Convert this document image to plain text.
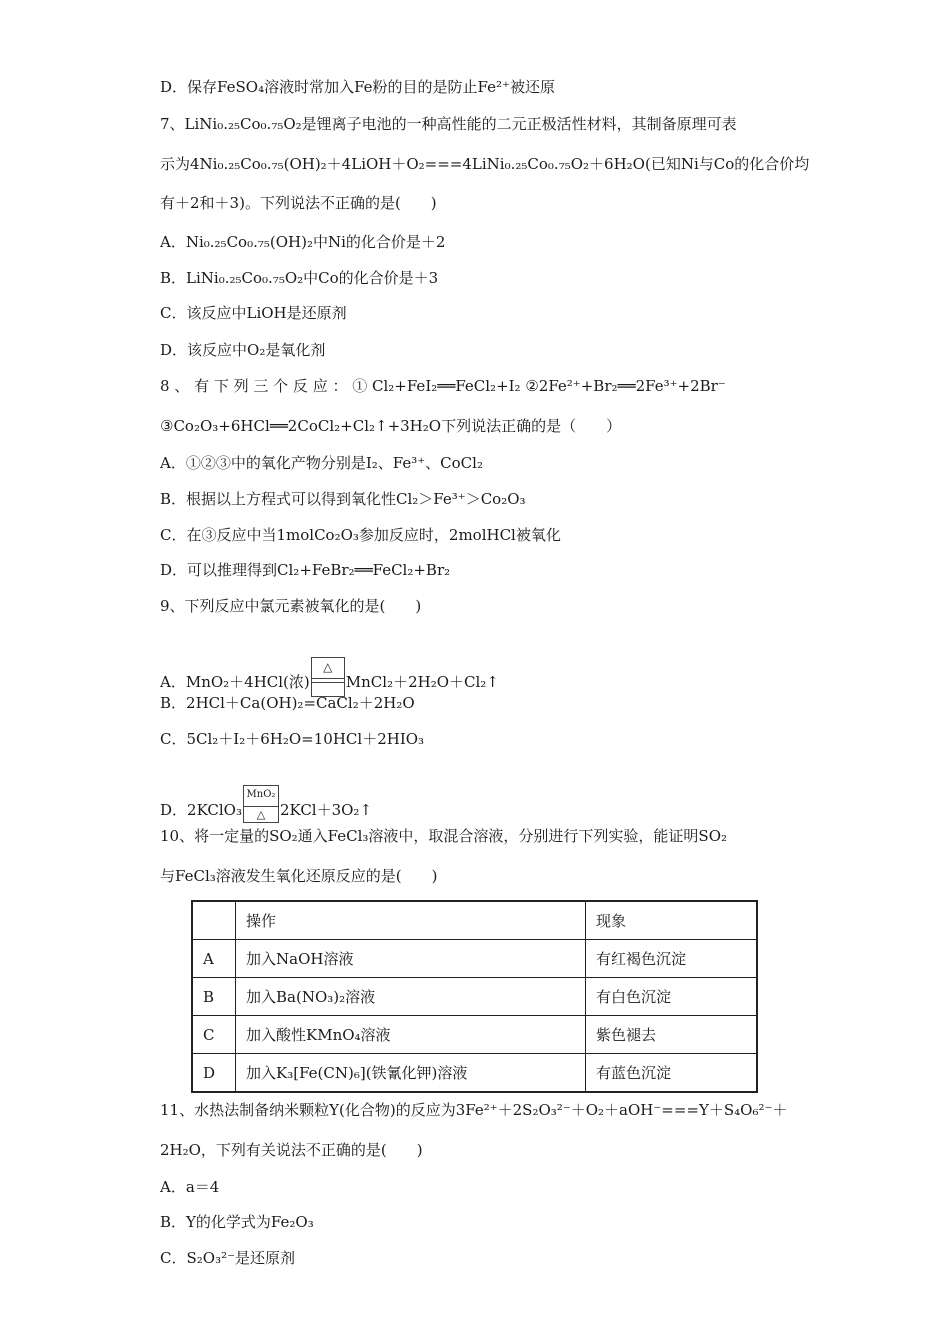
D．保存FeSO₄溶液时常加入Fe粉的目的是防止Fe²⁺被还原
7、LiNi₀.₂₅Co₀.₇₅O₂是锂离子电池的一种高性能的二元正极活性材料，其制备原理可表
示为4Ni₀.₂₅Co₀.₇₅(OH)₂＋4LiOH＋O₂===4LiNi₀.₂₅Co₀.₇₅O₂＋6H₂O(已知Ni与Co的化合价均
有＋2和＋3)。下列说法不正确的是(　　)
A．Ni₀.₂₅Co₀.₇₅(OH)₂中Ni的化合价是＋2
B．LiNi₀.₂₅Co₀.₇₅O₂中Co的化合价是＋3
C．该反应中LiOH是还原剂
D．该反应中O₂是氧化剂
8 、 有 下 列 三 个 反 应 ： ① Cl₂+FeI₂══FeCl₂+I₂ ②2Fe²⁺+Br₂══2Fe³⁺+2Br⁻
③Co₂O₃+6HCl══2CoCl₂+Cl₂↑+3H₂O下列说法正确的是（　　）
A．①②③中的氧化产物分别是I₂、Fe³⁺、CoCl₂
B．根据以上方程式可以得到氧化性Cl₂＞Fe³⁺＞Co₂O₃
C．在③反应中当1molCo₂O₃参加反应时，2molHCl被氧化
D．可以推理得到Cl₂+FeBr₂══FeCl₂+Br₂
9、下列反应中氯元素被氧化的是(　　)
A．MnO₂＋4HCl(浓)
△
MnCl₂＋2H₂O＋Cl₂↑
B．2HCl＋Ca(OH)₂=CaCl₂＋2H₂O
C．5Cl₂＋I₂＋6H₂O=10HCl＋2HIO₃
D．2KClO₃
MnO₂
△ 2KCl＋3O₂↑
10、将一定量的SO₂通入FeCl₃溶液中，取混合溶液，分别进行下列实验，能证明SO₂
与FeCl₃溶液发生氧化还原反应的是(　　)
	操作	现象
A	加入NaOH溶液	有红褐色沉淀
B	加入Ba(NO₃)₂溶液	有白色沉淀
C	加入酸性KMnO₄溶液	紫色褪去
D	加入K₃[Fe(CN)₆](铁氰化钾)溶液	有蓝色沉淀
11、水热法制备纳米颗粒Y(化合物)的反应为3Fe²⁺＋2S₂O₃²⁻＋O₂＋aOH⁻===Y＋S₄O₆²⁻＋
2H₂O，下列有关说法不正确的是(　　)
A．a＝4
B．Y的化学式为Fe₂O₃
C．S₂O₃²⁻是还原剂
